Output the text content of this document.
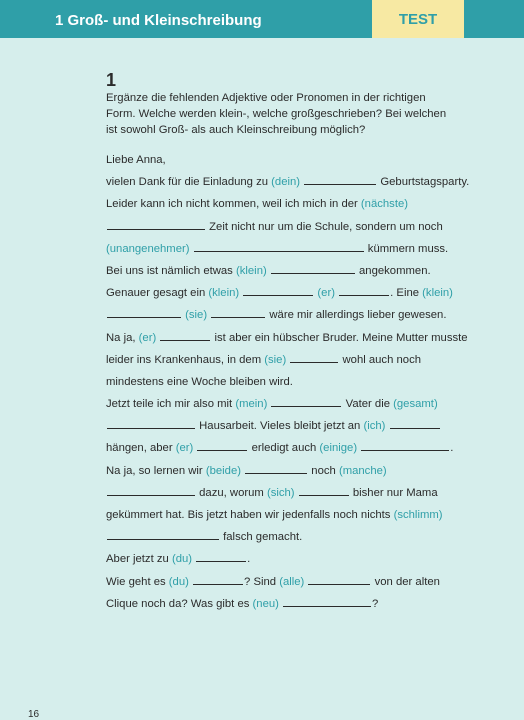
1 Groß- und Kleinschreibung	TEST
1
Ergänze die fehlenden Adjektive oder Pronomen in der richtigen Form. Welche werden klein-, welche großgeschrieben? Bei welchen ist sowohl Groß- als auch Kleinschreibung möglich?
Liebe Anna,
vielen Dank für die Einladung zu (dein)	Geburtstagsparty.
Leider kann ich nicht kommen, weil ich mich in der (nächste)
Zeit nicht nur um die Schule, sondern um noch
(unangenehmer)	kümmern muss.
Bei uns ist nämlich etwas (klein)	angekommen.
Genauer gesagt ein (klein)	(er)	. Eine (klein)
(sie)	wäre mir allerdings lieber gewesen.
Na ja, (er)	ist aber ein hübscher Bruder. Meine Mutter musste
leider ins Krankenhaus, in dem (sie)	wohl auch noch
mindestens eine Woche bleiben wird.
Jetzt teile ich mir also mit (mein)	Vater die (gesamt)
Hausarbeit. Vieles bleibt jetzt an (ich)
hängen, aber (er)	erledigt auch (einige)	.
Na ja, so lernen wir (beide)	noch (manche)
dazu, worum (sich)	bisher nur Mama
gekümmert hat. Bis jetzt haben wir jedenfalls noch nichts (schlimm)
falsch gemacht.
Aber jetzt zu (du)	.
Wie geht es (du)	? Sind (alle)	von der alten
Clique noch da? Was gibt es (neu)	?
16
